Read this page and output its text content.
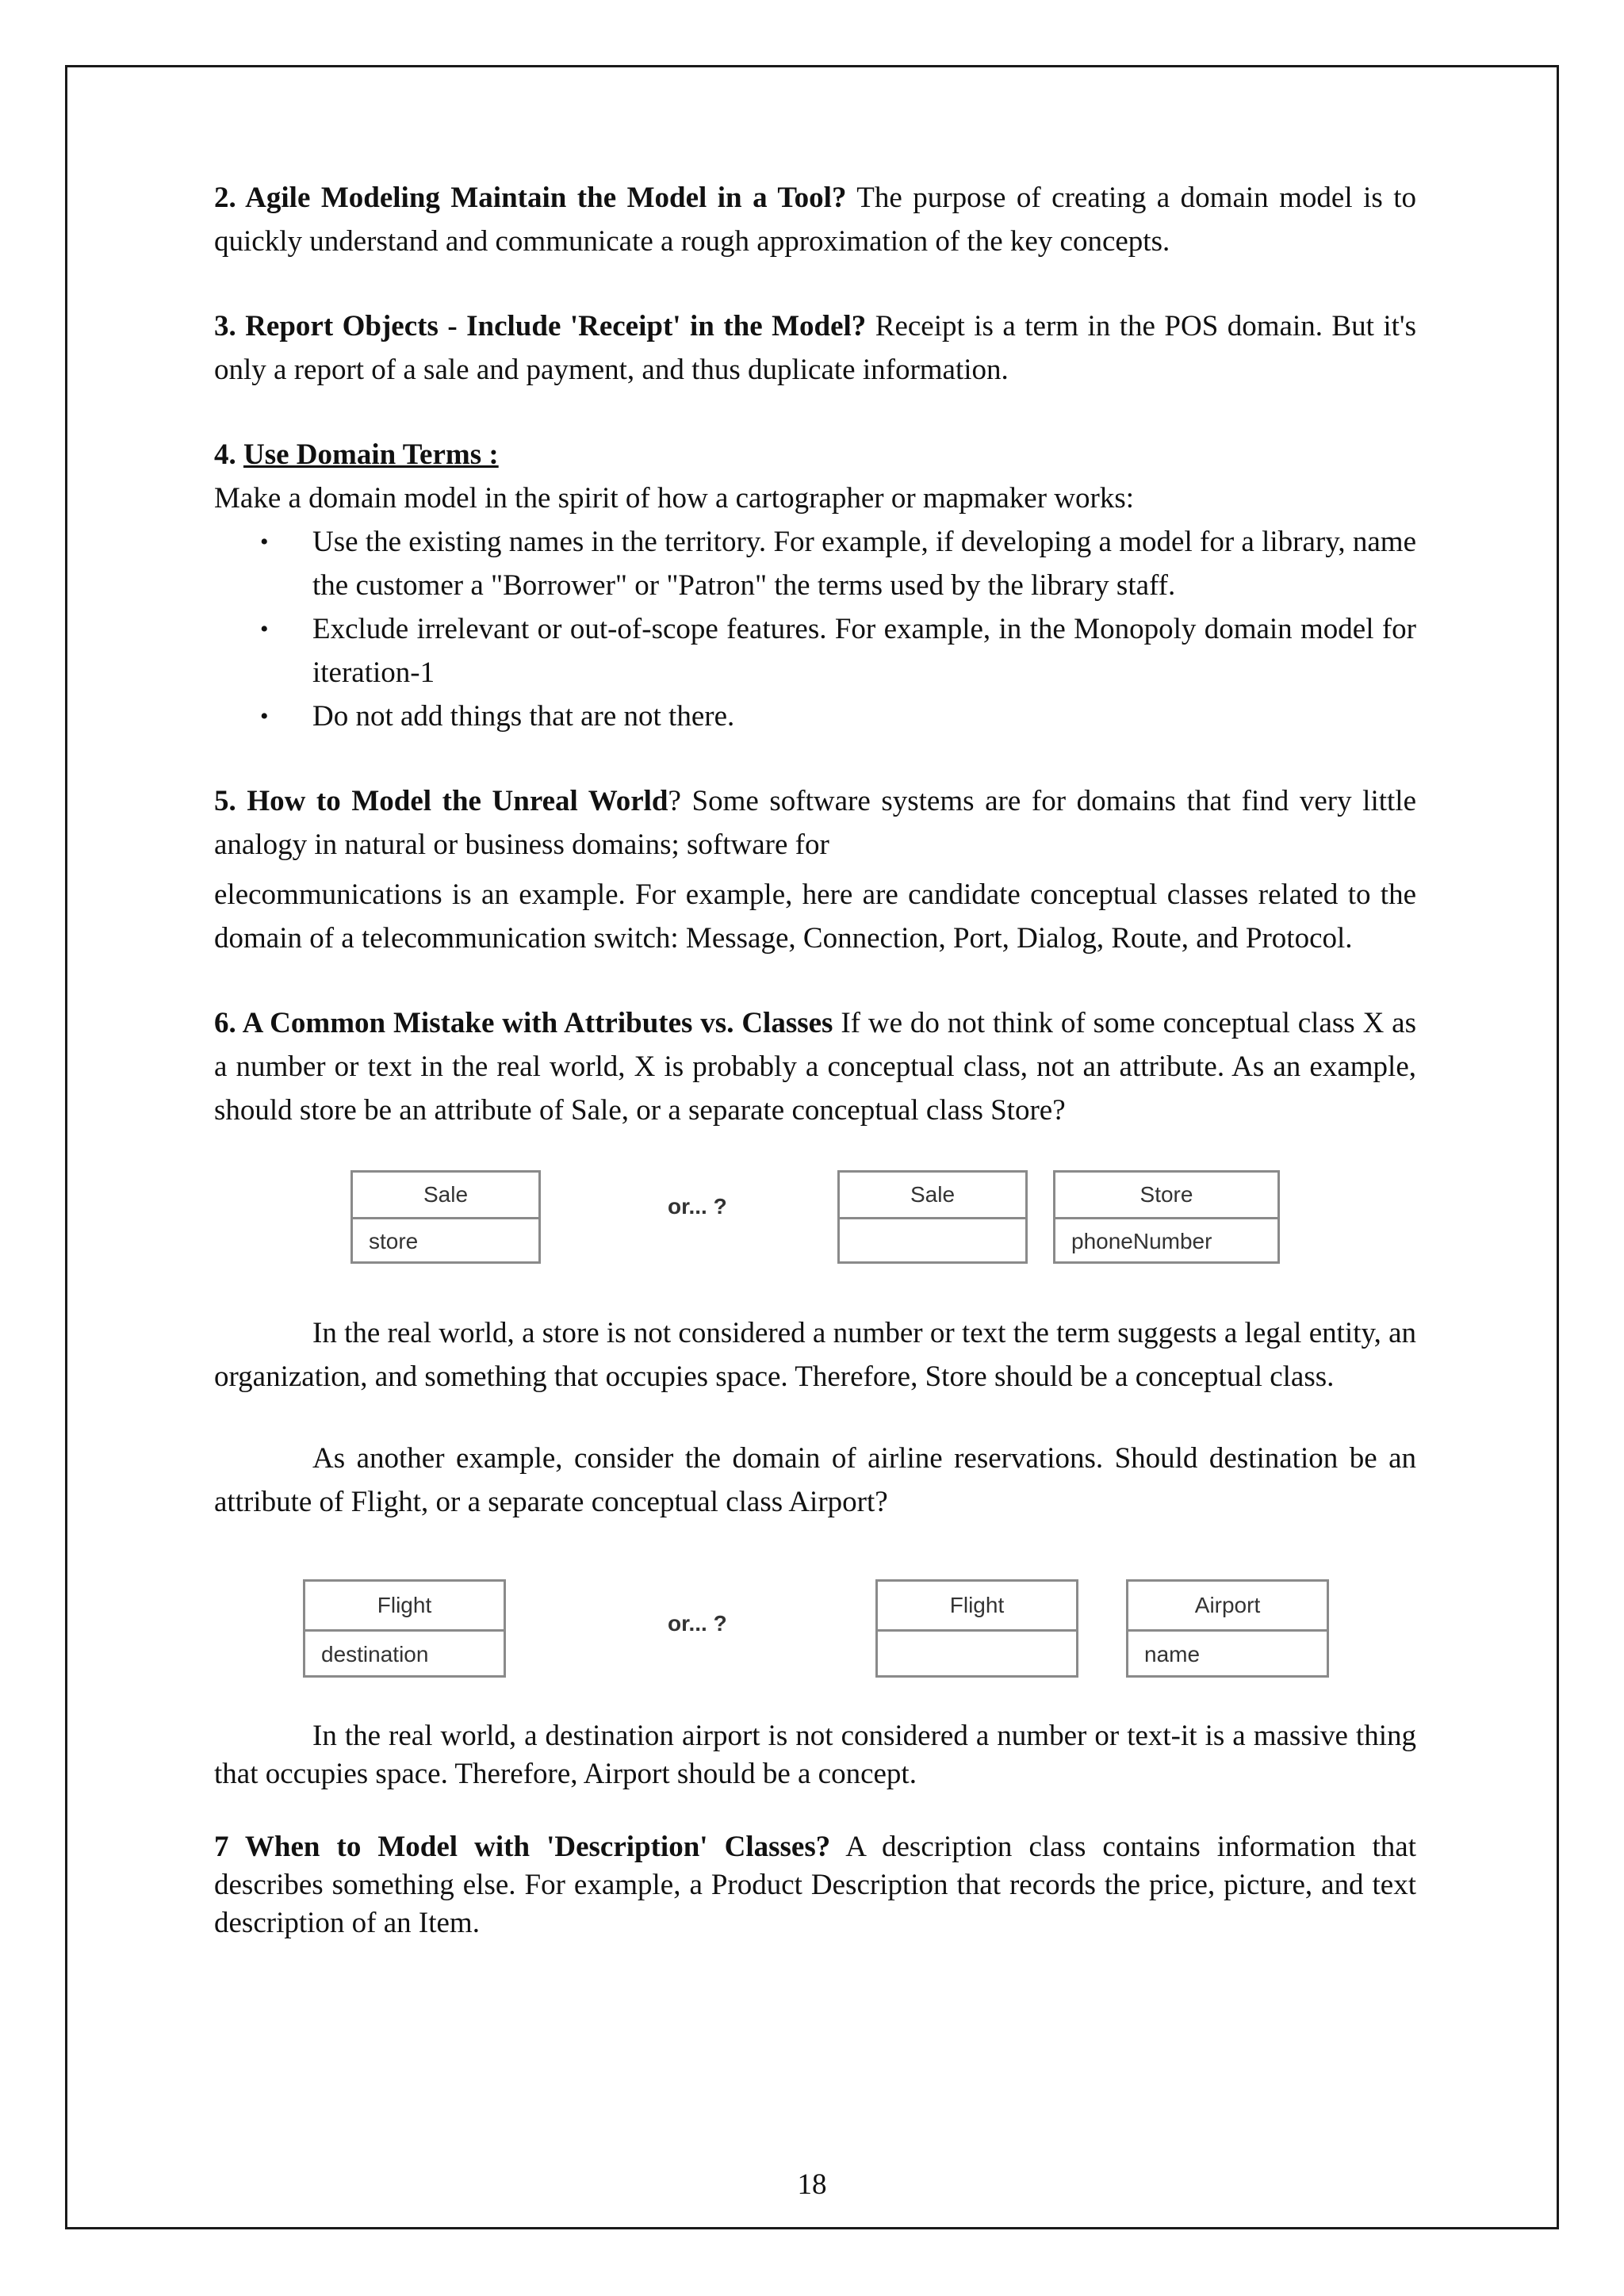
2. Agile Modeling Maintain the Model in a Tool? The purpose of creating a domain model is to quickly understand and communicate a rough approximation of the key concepts.

3. Report Objects - Include 'Receipt' in the Model? Receipt is a term in the POS domain. But it's only a report of a sale and payment, and thus duplicate information.

4. Use Domain Terms :

Make a domain model in the spirit of how a cartographer or mapmaker works:

• Use the existing names in the territory. For example, if developing a model for a library, name the customer a "Borrower" or "Patron" the terms used by the library staff.
• Exclude irrelevant or out-of-scope features. For example, in the Monopoly domain model for iteration-1
• Do not add things that are not there.

5. How to Model the Unreal World? Some software systems are for domains that find very little analogy in natural or business domains; software for

elecommunications is an example. For example, here are candidate conceptual classes related to the domain of a telecommunication switch: Message, Connection, Port, Dialog, Route, and Protocol.

6. A Common Mistake with Attributes vs. Classes If we do not think of some conceptual class X as a number or text in the real world, X is probably a conceptual class, not an attribute. As an example, should store be an attribute of Sale, or a separate conceptual class Store?

Sale
store
or... ?	Sale	Store
phoneNumber

In the real world, a store is not considered a number or text the term suggests a legal entity, an organization, and something that occupies space. Therefore, Store should be a conceptual class.

As another example, consider the domain of airline reservations. Should destination be an attribute of Flight, or a separate conceptual class Airport?

Flight
destination
or... ?
Flight	Airport
name

In the real world, a destination airport is not considered a number or text-it is a massive thing that occupies space. Therefore, Airport should be a concept.

7 When to Model with 'Description' Classes? A description class contains information that describes something else. For example, a Product Description that records the price, picture, and text description of an Item.

18
